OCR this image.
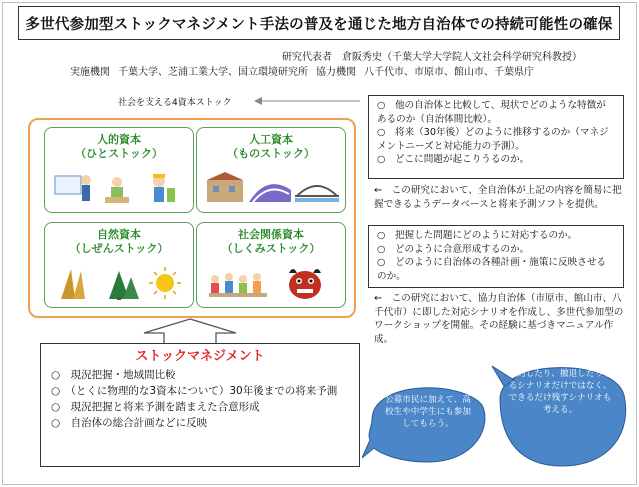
多世代参加型ストックマネジメント手法の普及を通じた地方自治体での持続可能性の確保
研究代表者　倉阪秀史（千葉大学大学院人文社会科学研究科教授）
実施機関 千葉大学、芝浦工業大学、国立環境研究所 協力機関 八千代市、市原市、館山市、千葉県庁
社会を支える4資本ストック
人的資本
（ひとストック）
人工資本
（ものストック）
自然資本
（しぜんストック）
社会関係資本
（しくみストック）
○　他の自治体と比較して、現状でどのような特徴があるのか（自治体間比較）。
○　将来（30年後）どのように推移するのか（マネジメントニーズと対応能力の予測）。
○　どこに問題が起こりうるのか。
←　この研究において、全自治体が上記の内容を簡易に把握できるようデータベースと将来予測ソフトを提供。
○　把握した問題にどのように対応するのか。
○　どのように合意形成するのか。
○　どのように自治体の各種計画・施策に反映させるのか。
←　この研究において、協力自治体（市原市、館山市、八千代市）に即した対応シナリオを作成し、多世代参加型のワークショップを開催。その経験に基づきマニュアル作成。
ストックマネジメント
○　現況把握・地域間比較
○　（とくに物理的な3資本について）30年後までの将来予測
○　現況把握と将来予測を踏まえた合意形成
○　自治体の総合計画などに反映
公募市民に加えて、高校生や中学生にも参加してもらう。
集約したり、撤退したりするシナリオだけではなく、できるだけ残すシナリオも考える。
